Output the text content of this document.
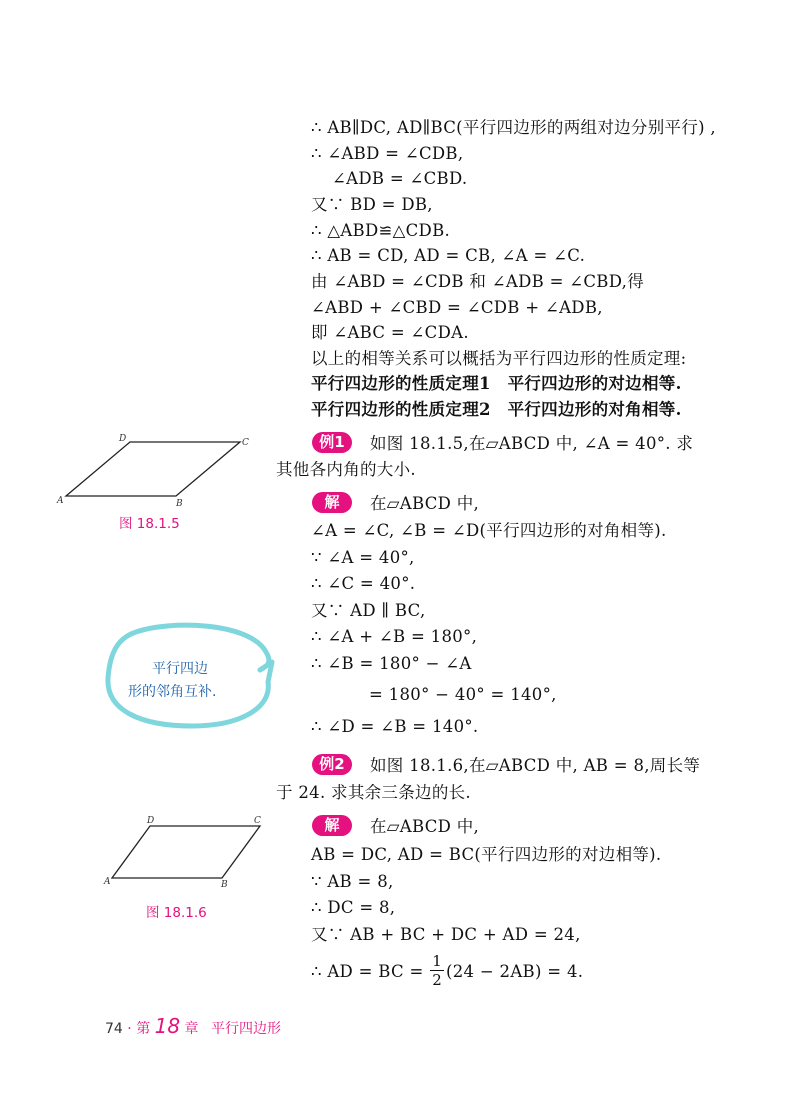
∴ AB∥DC, AD∥BC(平行四边形的两组对边分别平行) ,
∴ ∠ABD = ∠CDB,
∠ADB = ∠CBD.
又∵ BD = DB,
∴ △ABD≌△CDB.
∴ AB = CD, AD = CB, ∠A = ∠C.
由 ∠ABD = ∠CDB 和 ∠ADB = ∠CBD,得
∠ABD + ∠CBD = ∠CDB + ∠ADB,
即 ∠ABC = ∠CDA.
以上的相等关系可以概括为平行四边形的性质定理:
平行四边形的性质定理1　平行四边形的对边相等.
平行四边形的性质定理2　平行四边形的对角相等.
A	B
C
D
图 18.1.5
例1	如图 18.1.5,在▱ABCD 中, ∠A = 40°. 求
其他各内角的大小.
解	在▱ABCD 中,
∠A = ∠C, ∠B = ∠D(平行四边形的对角相等).
∵ ∠A = 40°,
∴ ∠C = 40°.
又∵ AD ∥ BC,
∴ ∠A + ∠B = 180°,
∴ ∠B = 180° − ∠A
= 180° − 40° = 140°,
∴ ∠D = ∠B = 140°.
平行四边
形的邻角互补.
例2	如图 18.1.6,在▱ABCD 中, AB = 8,周长等
于 24. 求其余三条边的长.
A	B
C
D
图 18.1.6
解	在▱ABCD 中,
AB = DC, AD = BC(平行四边形的对边相等).
∵ AB = 8,
∴ DC = 8,
又∵ AB + BC + DC + AD = 24,
∴ AD = BC =
1
2 (24 − 2AB) = 4.
74 · 第 18 章 平行四边形
